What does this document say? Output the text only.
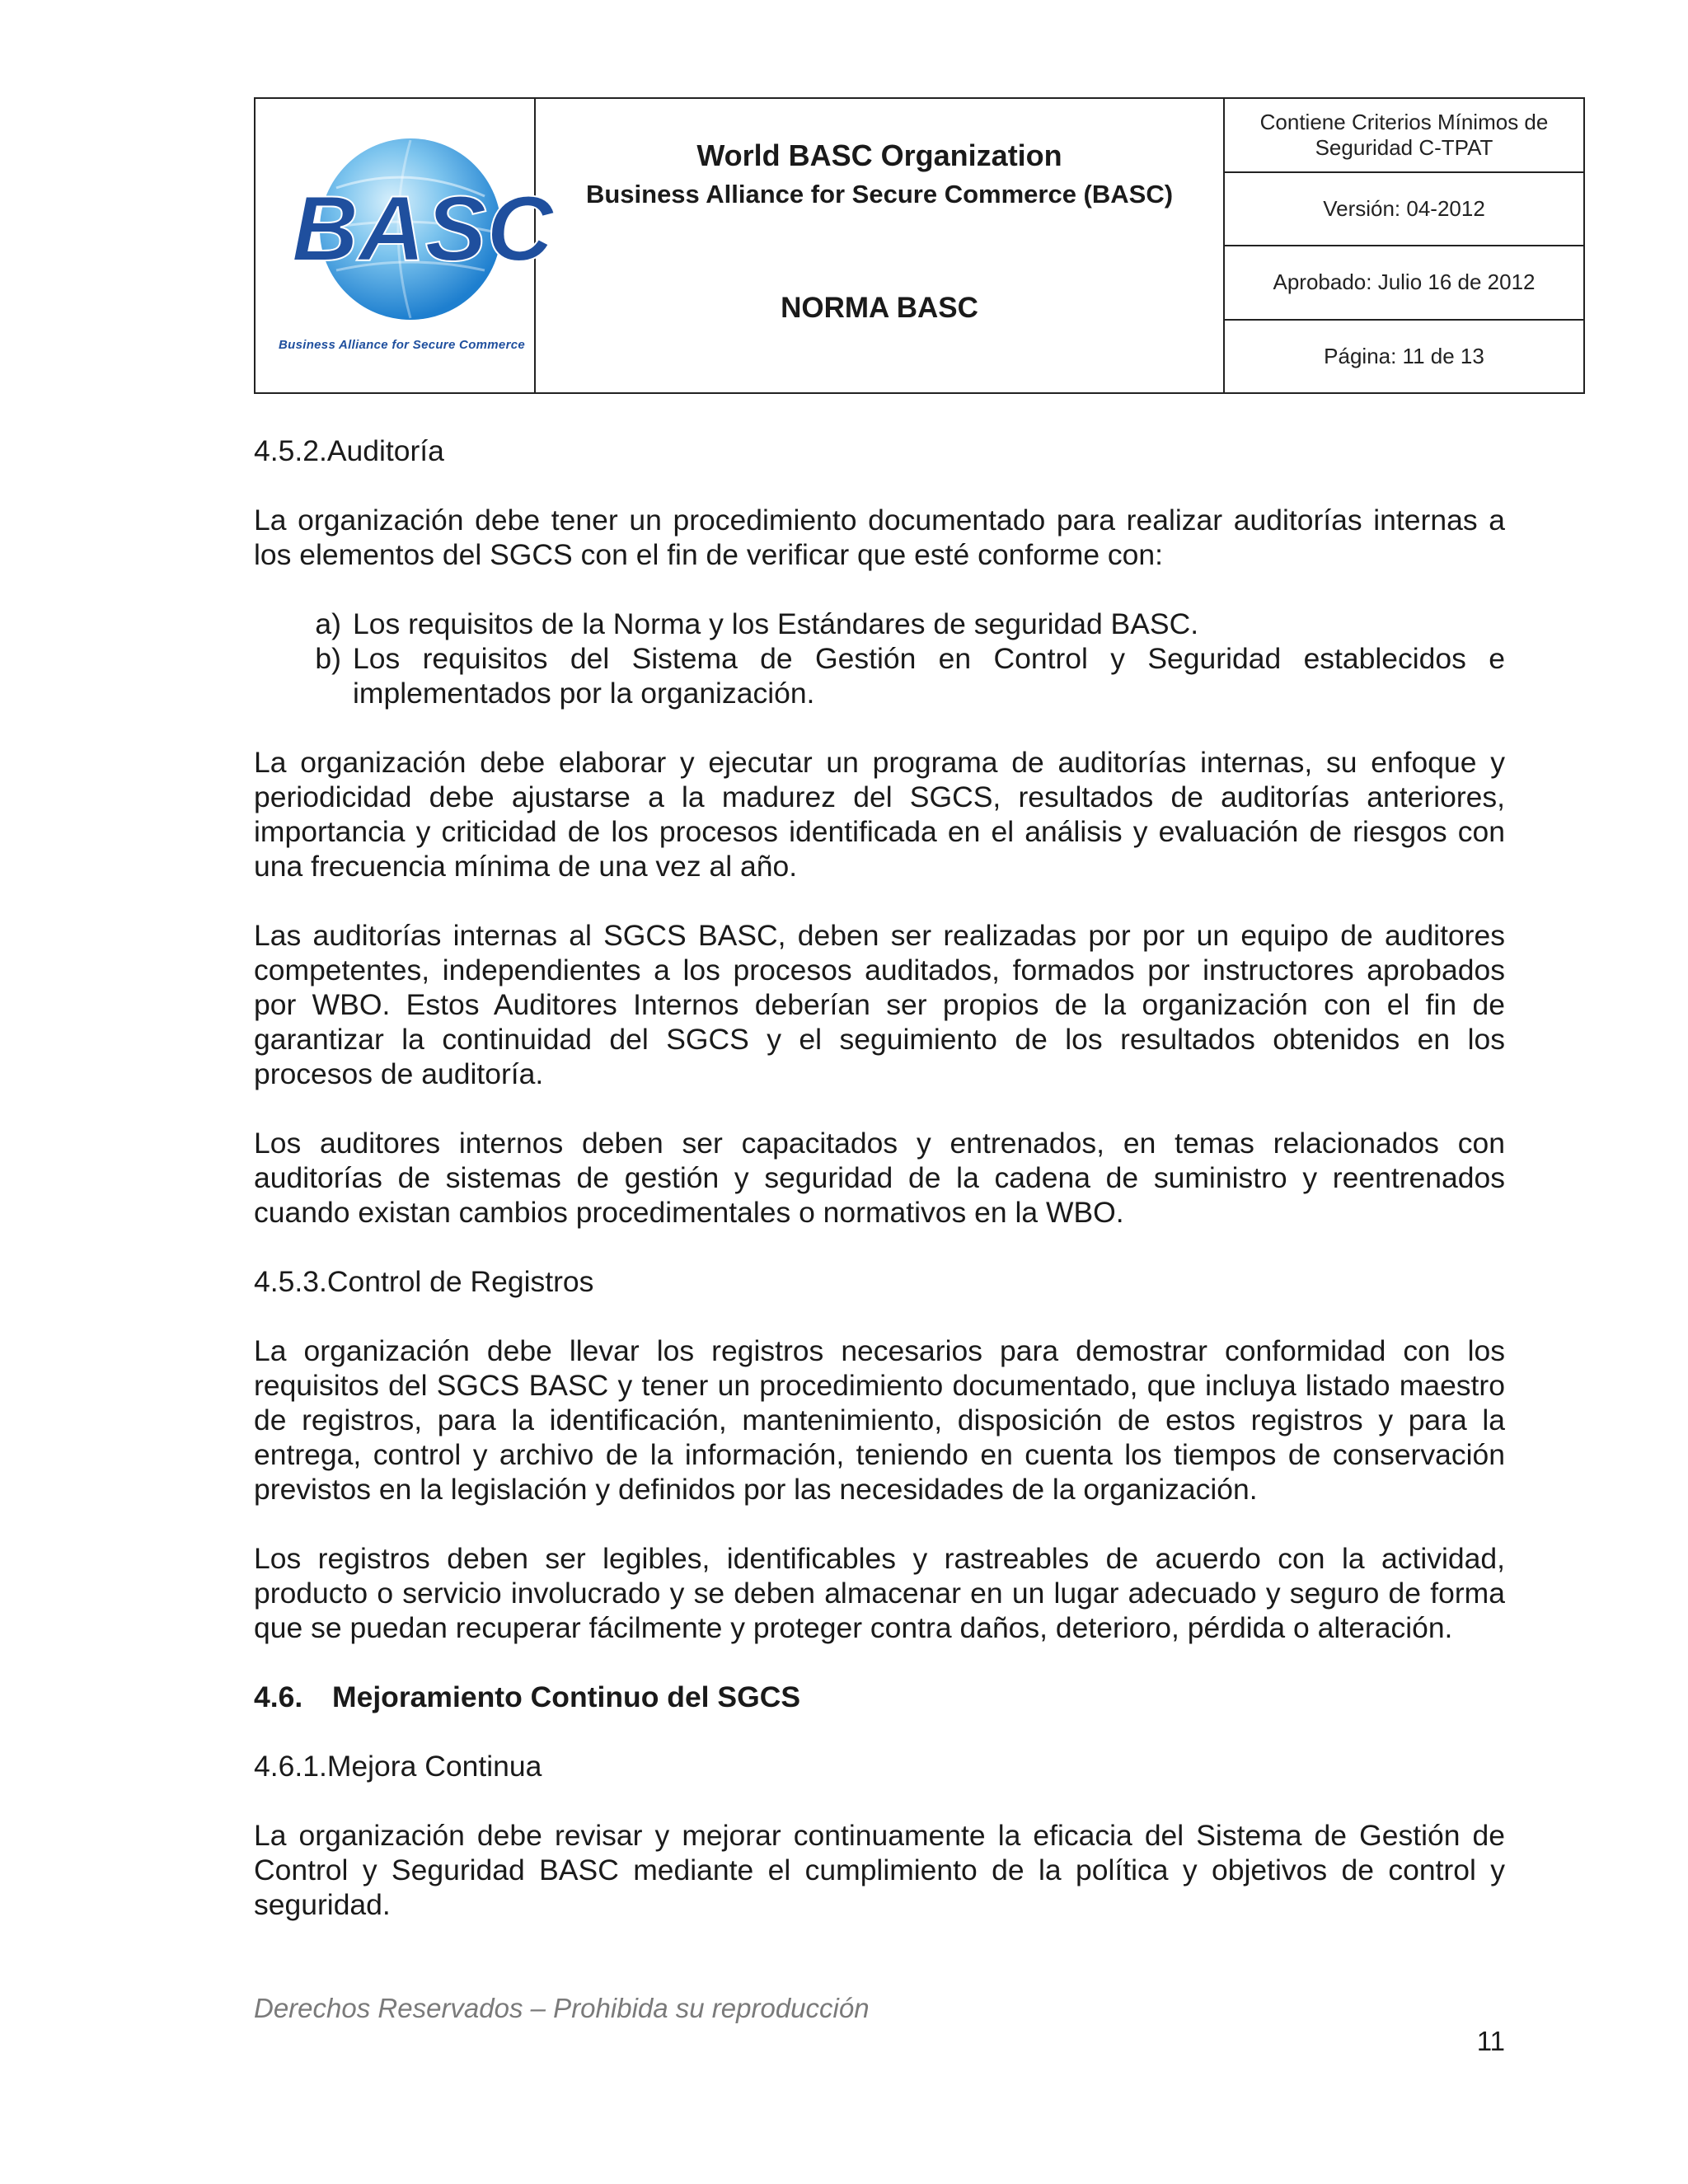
BASC
Business Alliance for Secure Commerce
World BASC Organization
Business Alliance for Secure Commerce (BASC)
NORMA BASC
Contiene Criterios Mínimos de Seguridad C-TPAT
Versión: 04-2012
Aprobado: Julio 16 de 2012
Página: 11 de 13

4.5.2.Auditoría

La organización debe tener un procedimiento documentado para realizar auditorías internas a los elementos del SGCS con el fin de verificar que esté conforme con:

a) Los requisitos de la Norma y los Estándares de seguridad BASC.
b) Los requisitos del Sistema de Gestión en Control y Seguridad establecidos e implementados por la organización.

La organización debe elaborar y ejecutar un programa de auditorías internas, su enfoque y periodicidad debe ajustarse a la madurez del SGCS, resultados de auditorías anteriores, importancia y criticidad de los procesos identificada en el análisis y evaluación de riesgos con una frecuencia mínima de una vez al año.

Las auditorías internas al SGCS BASC, deben ser realizadas por por un equipo de auditores competentes, independientes a los procesos auditados, formados por instructores aprobados por WBO. Estos Auditores Internos deberían ser propios de la organización con el fin de garantizar la continuidad del SGCS y el seguimiento de los resultados obtenidos en los procesos de auditoría.

Los auditores internos deben ser capacitados y entrenados, en temas relacionados con auditorías de sistemas de gestión y seguridad de la cadena de suministro y reentrenados cuando existan cambios procedimentales o normativos en la WBO.

4.5.3.Control de Registros

La organización debe llevar los registros necesarios para demostrar conformidad con los requisitos del SGCS BASC y tener un procedimiento documentado, que incluya listado maestro de registros, para la identificación, mantenimiento, disposición de estos registros y para la entrega, control y archivo de la información, teniendo en cuenta los tiempos de conservación previstos en la legislación y definidos por las necesidades de la organización.

Los registros deben ser legibles, identificables y rastreables de acuerdo con la actividad, producto o servicio involucrado y se deben almacenar en un lugar adecuado y seguro de forma que se puedan recuperar fácilmente y proteger contra daños, deterioro, pérdida o alteración.

4.6. Mejoramiento Continuo del SGCS

4.6.1.Mejora Continua

La organización debe revisar y mejorar continuamente la eficacia del Sistema de Gestión de Control y Seguridad BASC mediante el cumplimiento de la política y objetivos de control y seguridad.

Derechos Reservados – Prohibida su reproducción
11
